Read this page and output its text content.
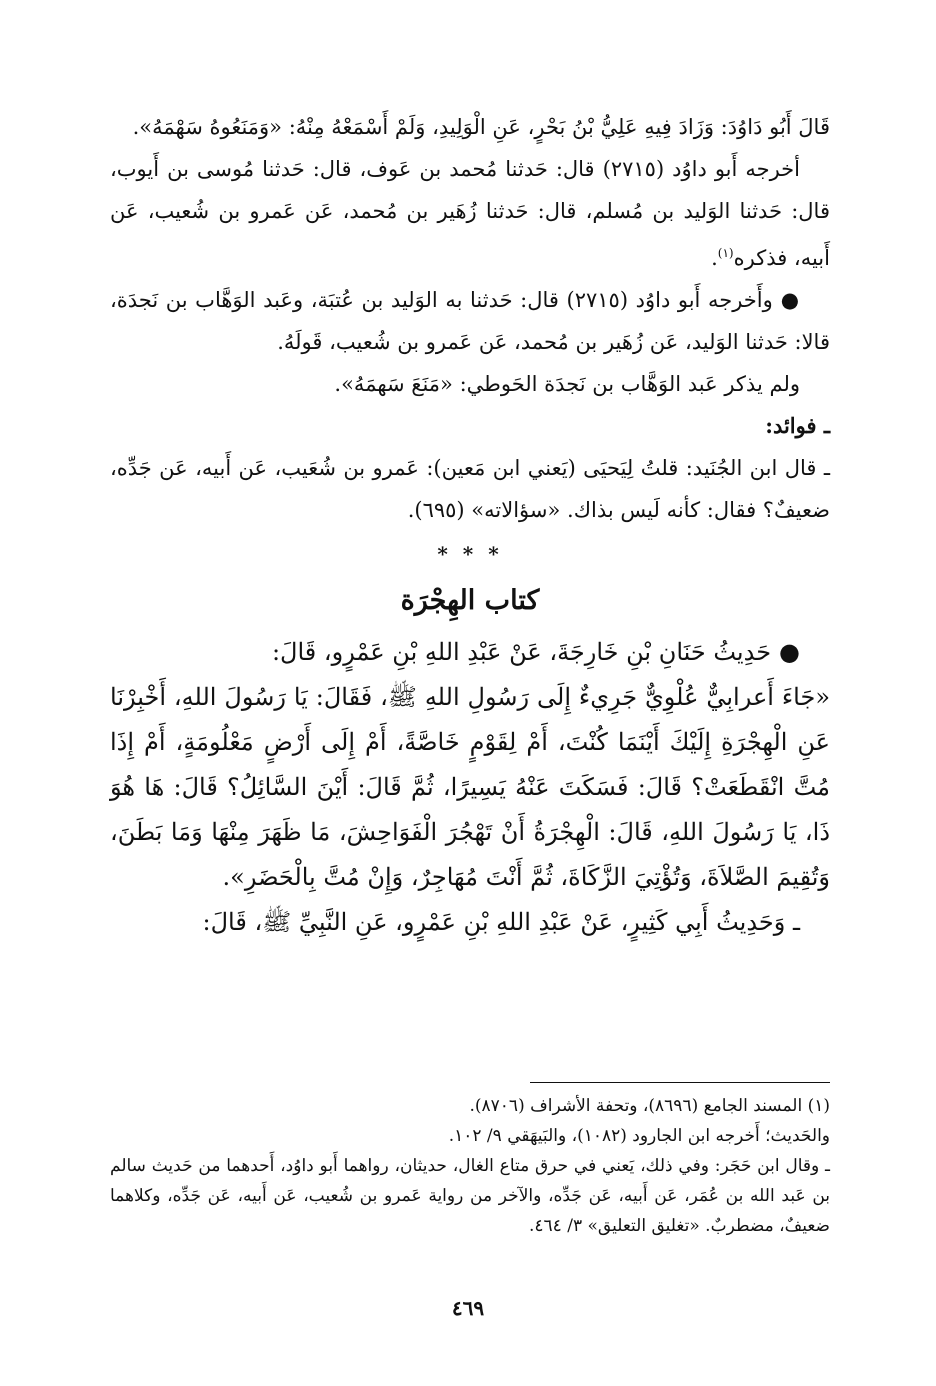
قَالَ أَبُو دَاوُدَ: وَزَادَ فِيهِ عَلِيُّ بْنُ بَحْرٍ، عَنِ الْوَلِيدِ، وَلَمْ أَسْمَعْهُ مِنْهُ: «وَمَنَعُوهُ سَهْمَهُ».

أخرجه أَبو داوُد (٢٧١٥) قال: حَدثنا مُحمد بن عَوف، قال: حَدثنا مُوسى بن أَيوب، قال: حَدثنا الوَليد بن مُسلم، قال: حَدثنا زُهَير بن مُحمد، عَن عَمرو بن شُعيب، عَن أَبيه، فذكره$^{(١)}$.

●وأَخرجه أَبو داوُد (٢٧١٥) قال: حَدثنا به الوَليد بن عُتبَة، وعَبد الوَهَّاب بن نَجدَة، قالا: حَدثنا الوَليد، عَن زُهَير بن مُحمد، عَن عَمرو بن شُعيب، قَولَهُ.

ولم يذكر عَبد الوَهَّاب بن نَجدَة الحَوطي: «مَنَعَ سَهمَهُ».

ـ فوائد:

ـ قال ابن الجُنَيد: قلتُ لِيَحيَى (يَعني ابن مَعين): عَمرو بن شُعَيب، عَن أَبيه، عَن جَدِّه، ضعيفٌ؟ فقال: كأنه لَيس بذاك. «سؤالاته» (٦٩٥).

* * *

كتاب الهِجْرَة

●حَدِيثُ حَنَانِ بْنِ خَارِجَةَ، عَنْ عَبْدِ اللهِ بْنِ عَمْرٍو، قَالَ:

«جَاءَ أَعرابِيٌّ عُلْوِيٌّ جَرِيءٌ إِلَى رَسُولِ اللهِ ﷺ، فَقَالَ: يَا رَسُولَ اللهِ، أَخْبِرْنَا عَنِ الْهِجْرَةِ إِلَيْكَ أَيْنَمَا كُنْتَ، أَمْ لِقَوْمٍ خَاصَّةً، أَمْ إِلَى أَرْضٍ مَعْلُومَةٍ، أَمْ إِذَا مُتَّ انْقَطَعَتْ؟ قَالَ: فَسَكَتَ عَنْهُ يَسِيرًا، ثُمَّ قَالَ: أَيْنَ السَّائِلُ؟ قَالَ: هَا هُوَ ذَا، يَا رَسُولَ اللهِ، قَالَ: الْهِجْرَةُ أَنْ تَهْجُرَ الْفَوَاحِشَ، مَا ظَهَرَ مِنْهَا وَمَا بَطَنَ، وَتُقِيمَ الصَّلاَةَ، وَتُؤْتِيَ الزَّكَاةَ، ثُمَّ أَنْتَ مُهَاجِرٌ، وَإِنْ مُتَّ بِالْحَضَرِ».

ـ وَحَدِيثُ أَبِي كَثِيرٍ، عَنْ عَبْدِ اللهِ بْنِ عَمْرٍو، عَنِ النَّبِيِّ ﷺ، قَالَ:

(١) المسند الجامع (٨٦٩٦)، وتحفة الأشراف (٨٧٠٦).

والحَديث؛ أَخرجه ابن الجارود (١٠٨٢)، والبَيهَقي ٩/ ١٠٢.

ـ وقال ابن حَجَر: وفي ذلك، يَعني في حرق متاع الغال، حديثان، رواهما أَبو داوُد، أَحدهما من حَديث سالم بن عَبد الله بن عُمَر، عَن أَبيه، عَن جَدِّه، والآخر من رواية عَمرو بن شُعيب، عَن أَبيه، عَن جَدِّه، وكلاهما ضعيفٌ، مضطربٌ. «تغليق التعليق» ٣/ ٤٦٤.

٤٦٩
